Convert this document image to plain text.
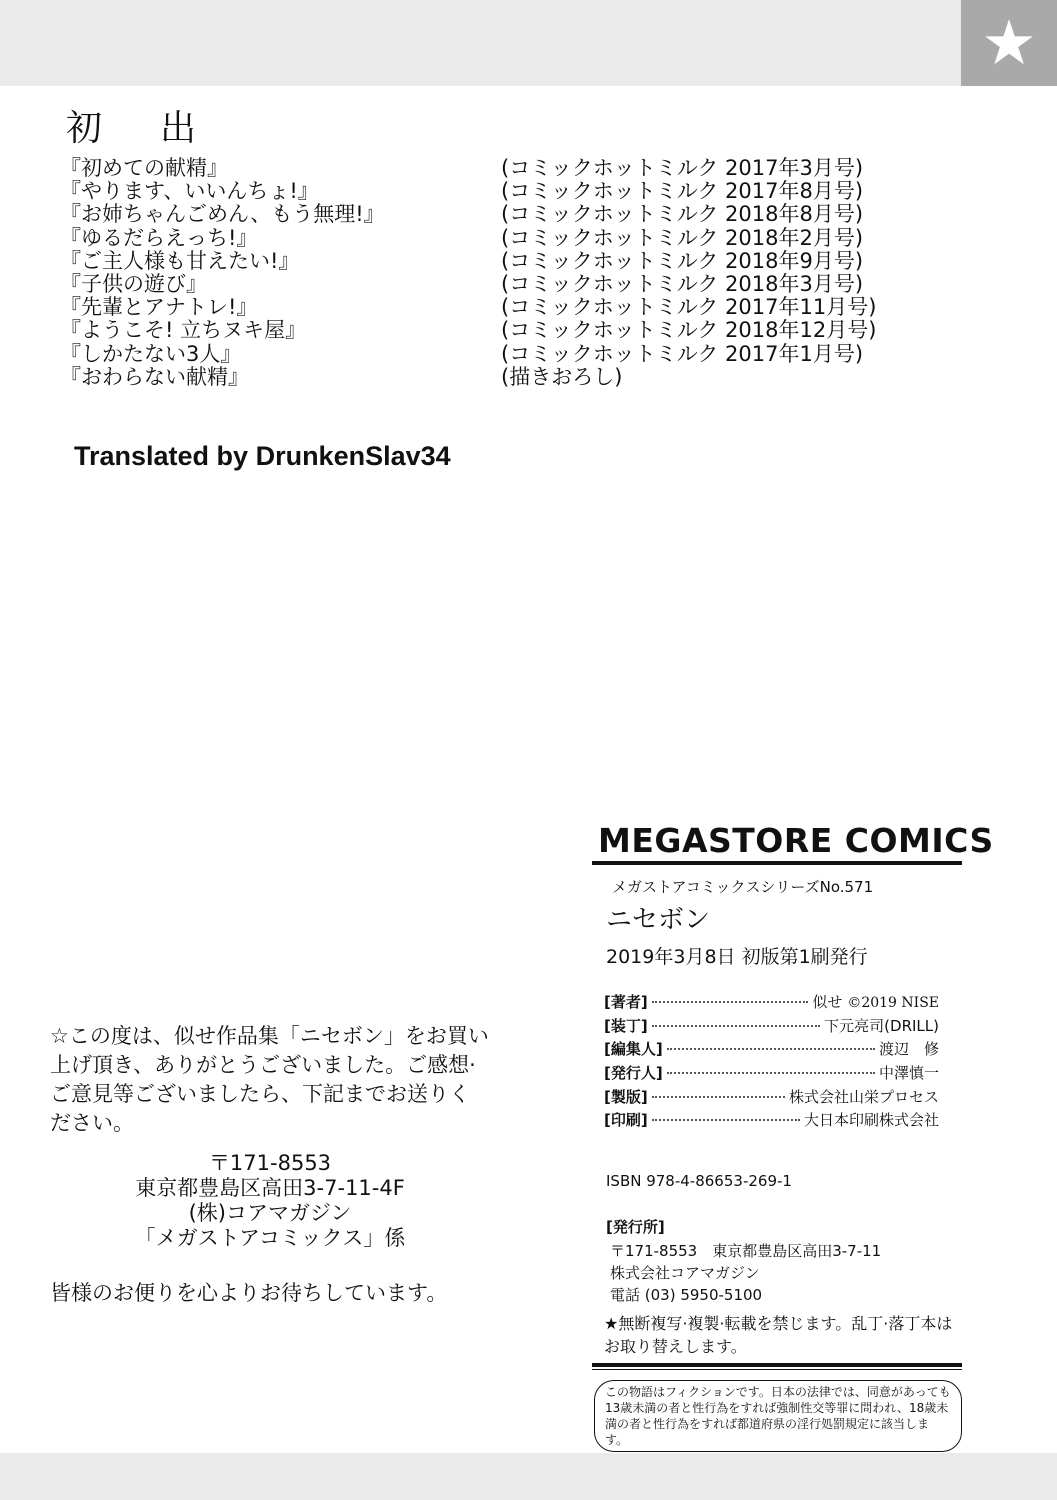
★
初出
『初めての献精』	(コミックホットミルク 2017年3月号)
『やります、いいんちょ!』	(コミックホットミルク 2017年8月号)
『お姉ちゃんごめん、もう無理!』	(コミックホットミルク 2018年8月号)
『ゆるだらえっち!』	(コミックホットミルク 2018年2月号)
『ご主人様も甘えたい!』	(コミックホットミルク 2018年9月号)
『子供の遊び』	(コミックホットミルク 2018年3月号)
『先輩とアナトレ!』	(コミックホットミルク 2017年11月号)
『ようこそ! 立ちヌキ屋』	(コミックホットミルク 2018年12月号)
『しかたない3人』	(コミックホットミルク 2017年1月号)
『おわらない献精』	(描きおろし)
Translated by DrunkenSlav34
☆この度は、似せ作品集「ニセボン」をお買い上げ頂き、ありがとうございました。ご感想·ご意見等ございましたら、下記までお送りください。
〒171-8553
東京都豊島区高田3-7-11-4F
(株)コアマガジン
「メガストアコミックス」係
皆様のお便りを心よりお待ちしています。
MEGASTORE COMICS
メガストアコミックスシリーズNo.571
ニセボン
2019年3月8日 初版第1刷発行
[著者]	似せ ©2019 NISE
[装丁]	下元亮司(DRILL)
[編集人]	渡辺　修
[発行人]	中澤慎一
[製版]	株式会社山栄プロセス
[印刷]	大日本印刷株式会社
ISBN 978-4-86653-269-1
[発行所]
〒171-8553　東京都豊島区高田3-7-11
株式会社コアマガジン
電話 (03) 5950-5100
★無断複写·複製·転載を禁じます。乱丁·落丁本はお取り替えします。
この物語はフィクションです。日本の法律では、同意があっても13歳未満の者と性行為をすれば強制性交等罪に問われ、18歳未満の者と性行為をすれば都道府県の淫行処罰規定に該当します。
